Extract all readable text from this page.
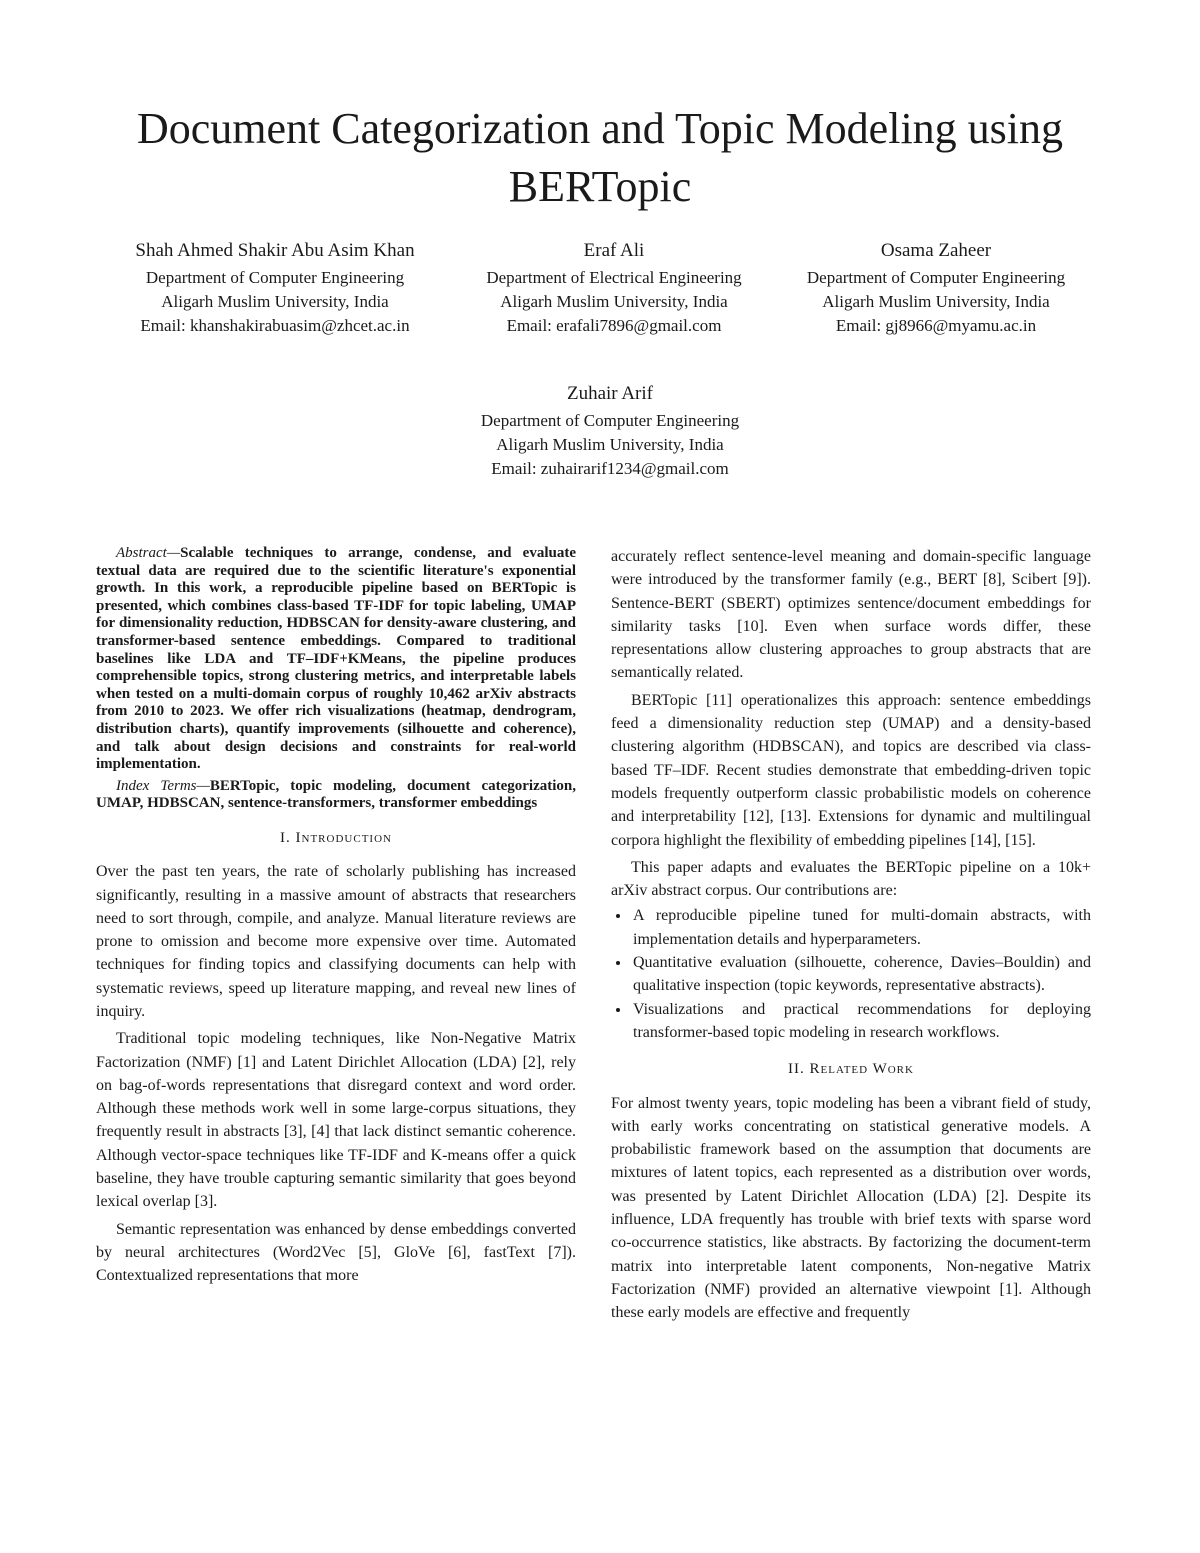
Document Categorization and Topic Modeling using BERTopic
Shah Ahmed Shakir Abu Asim Khan
Department of Computer Engineering
Aligarh Muslim University, India
Email: khanshakirabuasim@zhcet.ac.in
Eraf Ali
Department of Electrical Engineering
Aligarh Muslim University, India
Email: erafali7896@gmail.com
Osama Zaheer
Department of Computer Engineering
Aligarh Muslim University, India
Email: gj8966@myamu.ac.in
Zuhair Arif
Department of Computer Engineering
Aligarh Muslim University, India
Email: zuhairarif1234@gmail.com

Abstract—Scalable techniques to arrange, condense, and evaluate textual data are required due to the scientific literature's exponential growth. In this work, a reproducible pipeline based on BERTopic is presented, which combines class-based TF-IDF for topic labeling, UMAP for dimensionality reduction, HDBSCAN for density-aware clustering, and transformer-based sentence embeddings. Compared to traditional baselines like LDA and TF–IDF+KMeans, the pipeline produces comprehensible topics, strong clustering metrics, and interpretable labels when tested on a multi-domain corpus of roughly 10,462 arXiv abstracts from 2010 to 2023. We offer rich visualizations (heatmap, dendrogram, distribution charts), quantify improvements (silhouette and coherence), and talk about design decisions and constraints for real-world implementation.

Index Terms—BERTopic, topic modeling, document categorization, UMAP, HDBSCAN, sentence-transformers, transformer embeddings

I. Introduction

Over the past ten years, the rate of scholarly publishing has increased significantly, resulting in a massive amount of abstracts that researchers need to sort through, compile, and analyze. Manual literature reviews are prone to omission and become more expensive over time. Automated techniques for finding topics and classifying documents can help with systematic reviews, speed up literature mapping, and reveal new lines of inquiry.

Traditional topic modeling techniques, like Non-Negative Matrix Factorization (NMF) [1] and Latent Dirichlet Allocation (LDA) [2], rely on bag-of-words representations that disregard context and word order. Although these methods work well in some large-corpus situations, they frequently result in abstracts [3], [4] that lack distinct semantic coherence. Although vector-space techniques like TF-IDF and K-means offer a quick baseline, they have trouble capturing semantic similarity that goes beyond lexical overlap [3].

Semantic representation was enhanced by dense embeddings converted by neural architectures (Word2Vec [5], GloVe [6], fastText [7]). Contextualized representations that more

accurately reflect sentence-level meaning and domain-specific language were introduced by the transformer family (e.g., BERT [8], Scibert [9]). Sentence-BERT (SBERT) optimizes sentence/document embeddings for similarity tasks [10]. Even when surface words differ, these representations allow clustering approaches to group abstracts that are semantically related.

BERTopic [11] operationalizes this approach: sentence embeddings feed a dimensionality reduction step (UMAP) and a density-based clustering algorithm (HDBSCAN), and topics are described via class-based TF–IDF. Recent studies demonstrate that embedding-driven topic models frequently outperform classic probabilistic models on coherence and interpretability [12], [13]. Extensions for dynamic and multilingual corpora highlight the flexibility of embedding pipelines [14], [15].

This paper adapts and evaluates the BERTopic pipeline on a 10k+ arXiv abstract corpus. Our contributions are:

• A reproducible pipeline tuned for multi-domain abstracts, with implementation details and hyperparameters.
• Quantitative evaluation (silhouette, coherence, Davies–Bouldin) and qualitative inspection (topic keywords, representative abstracts).
• Visualizations and practical recommendations for deploying transformer-based topic modeling in research workflows.
II. Related Work

For almost twenty years, topic modeling has been a vibrant field of study, with early works concentrating on statistical generative models. A probabilistic framework based on the assumption that documents are mixtures of latent topics, each represented as a distribution over words, was presented by Latent Dirichlet Allocation (LDA) [2]. Despite its influence, LDA frequently has trouble with brief texts with sparse word co-occurrence statistics, like abstracts. By factorizing the document-term matrix into interpretable latent components, Non-negative Matrix Factorization (NMF) provided an alternative viewpoint [1]. Although these early models are effective and frequently
